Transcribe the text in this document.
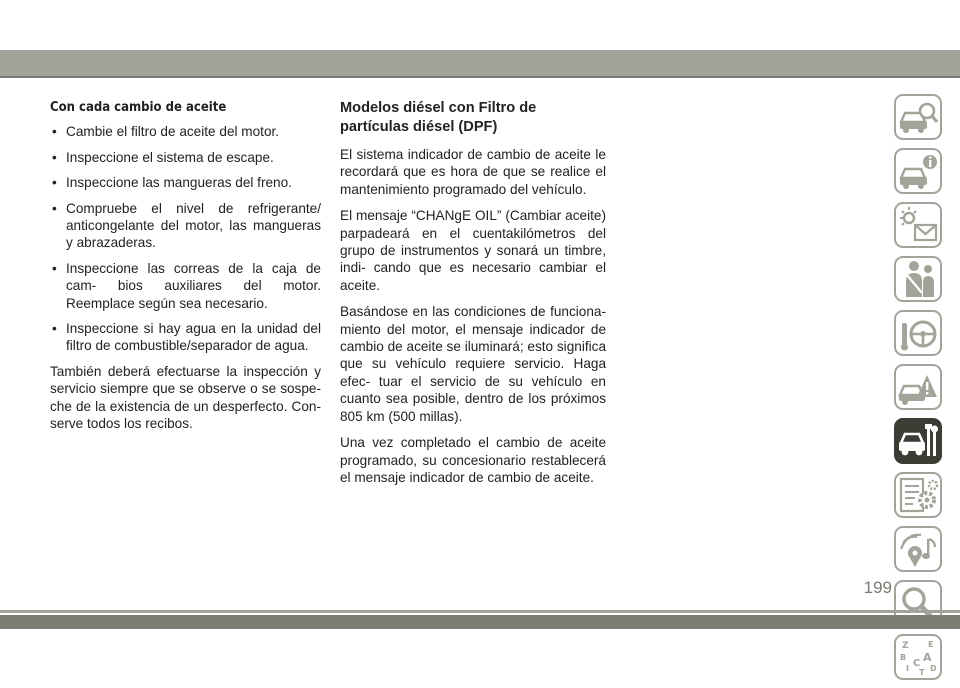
Con cada cambio de aceite
• Cambie el filtro de aceite del motor.
• Inspeccione el sistema de escape.
• Inspeccione las mangueras del freno.
• Compruebe el nivel de refrigerante/ anticongelante del motor, las mangueras y abrazaderas.
• Inspeccione las correas de la caja de cam- bios auxiliares del motor. Reemplace según sea necesario.
• Inspeccione si hay agua en la unidad del filtro de combustible/separador de agua.
También deberá efectuarse la inspección y servicio siempre que se observe o se sospe- che de la existencia de un desperfecto. Con- serve todos los recibos.
Modelos diésel con Filtro de partículas diésel (DPF)
El sistema indicador de cambio de aceite le recordará que es hora de que se realice el mantenimiento programado del vehículo.
El mensaje “CHANgE OIL” (Cambiar aceite) parpadeará en el cuentakilómetros del grupo de instrumentos y sonará un timbre, indi- cando que es necesario cambiar el aceite.
Basándose en las condiciones de funciona- miento del motor, el mensaje indicador de cambio de aceite se iluminará; esto significa que su vehículo requiere servicio. Haga efec- tuar el servicio de su vehículo en cuanto sea posible, dentro de los próximos 805 km (500 millas).
Una vez completado el cambio de aceite programado, su concesionario restablecerá el mensaje indicador de cambio de aceite.
Z E
B A
I C
T D
199
